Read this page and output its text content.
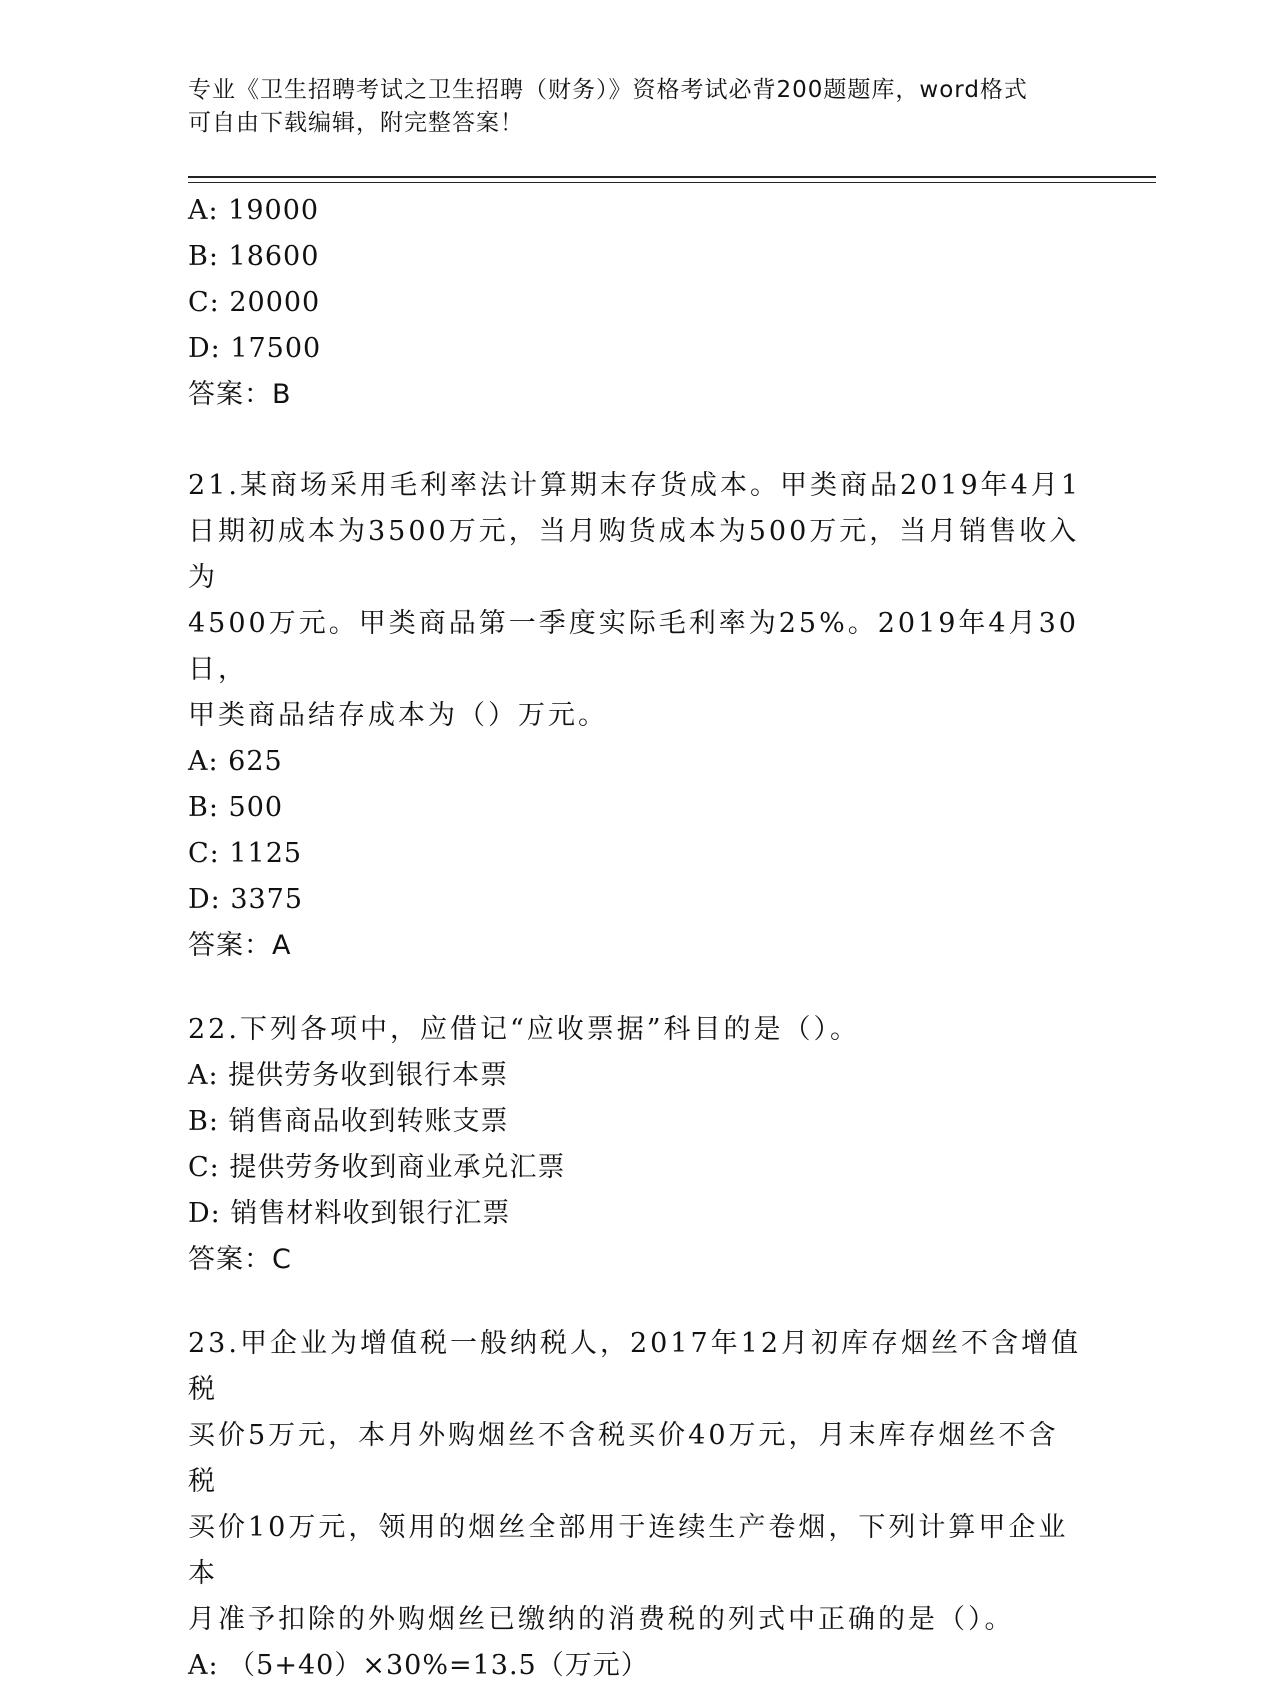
专业《卫生招聘考试之卫生招聘（财务）》资格考试必背200题题库，word格式
可自由下载编辑，附完整答案！
A: 19000
B: 18600
C: 20000
D: 17500
答案：B
21.某商场采用毛利率法计算期末存货成本。甲类商品2019年4月1
日期初成本为3500万元，当月购货成本为500万元，当月销售收入为
4500万元。甲类商品第一季度实际毛利率为25%。2019年4月30日，
甲类商品结存成本为（）万元。
A: 625
B: 500
C: 1125
D: 3375
答案：A
22.下列各项中，应借记“应收票据”科目的是（）。
A: 提供劳务收到银行本票
B: 销售商品收到转账支票
C: 提供劳务收到商业承兑汇票
D: 销售材料收到银行汇票
答案：C
23.甲企业为增值税一般纳税人，2017年12月初库存烟丝不含增值税
买价5万元，本月外购烟丝不含税买价40万元，月末库存烟丝不含税
买价10万元，领用的烟丝全部用于连续生产卷烟，下列计算甲企业本
月准予扣除的外购烟丝已缴纳的消费税的列式中正确的是（）。
A: （5+40）×30%=13.5（万元）
